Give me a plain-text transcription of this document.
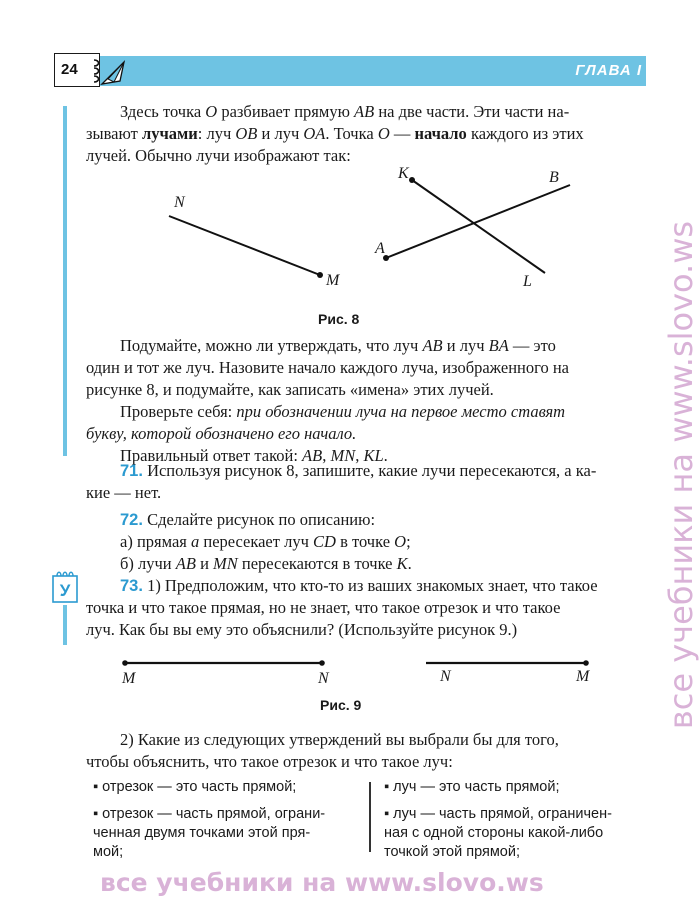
24	ГЛАВА I

Здесь точка O разбивает прямую AB на две части. Эти части на-

зывают лучами: луч OB и луч OA. Точка O — начало каждого из этих
лучей. Обычно лучи изображают так:
N
M
K	B
A
L
Рис. 8

Подумайте, можно ли утверждать, что луч AB и луч BA — это

один и тот же луч. Назовите начало каждого луча, изображенного на
рисунке 8, и подумайте, как записать «имена» этих лучей.

Проверьте себя: при обозначении луча на первое место ставят

букву, которой обозначено его начало.

Правильный ответ такой: AB, MN, KL.

71. Используя рисунок 8, запишите, какие лучи пересекаются, а ка-

кие — нет.

72. Сделайте рисунок по описанию:

а) прямая a пересекает луч CD в точке O;

б) лучи AB и MN пересекаются в точке K.

У	73. 1) Предположим, что кто-то из ваших знакомых знает, что такое

точка и что такое прямая, но не знает, что такое отрезок и что такое
луч. Как бы вы ему это объяснили? (Используйте рисунок 9.)
M	N	N	M
Рис. 9

2) Какие из следующих утверждений вы выбрали бы для того,

чтобы объяснить, что такое отрезок и что такое луч:
▪ отрезок — это часть прямой;	▪ луч — это часть прямой;
▪ отрезок — часть прямой, ограни-
ченная двумя точками этой пря-
мой;
▪ луч — часть прямой, ограничен-
ная с одной стороны какой-либо
точкой этой прямой;
все учебники на www.slovo.ws
все учебники на www.slovo.ws
